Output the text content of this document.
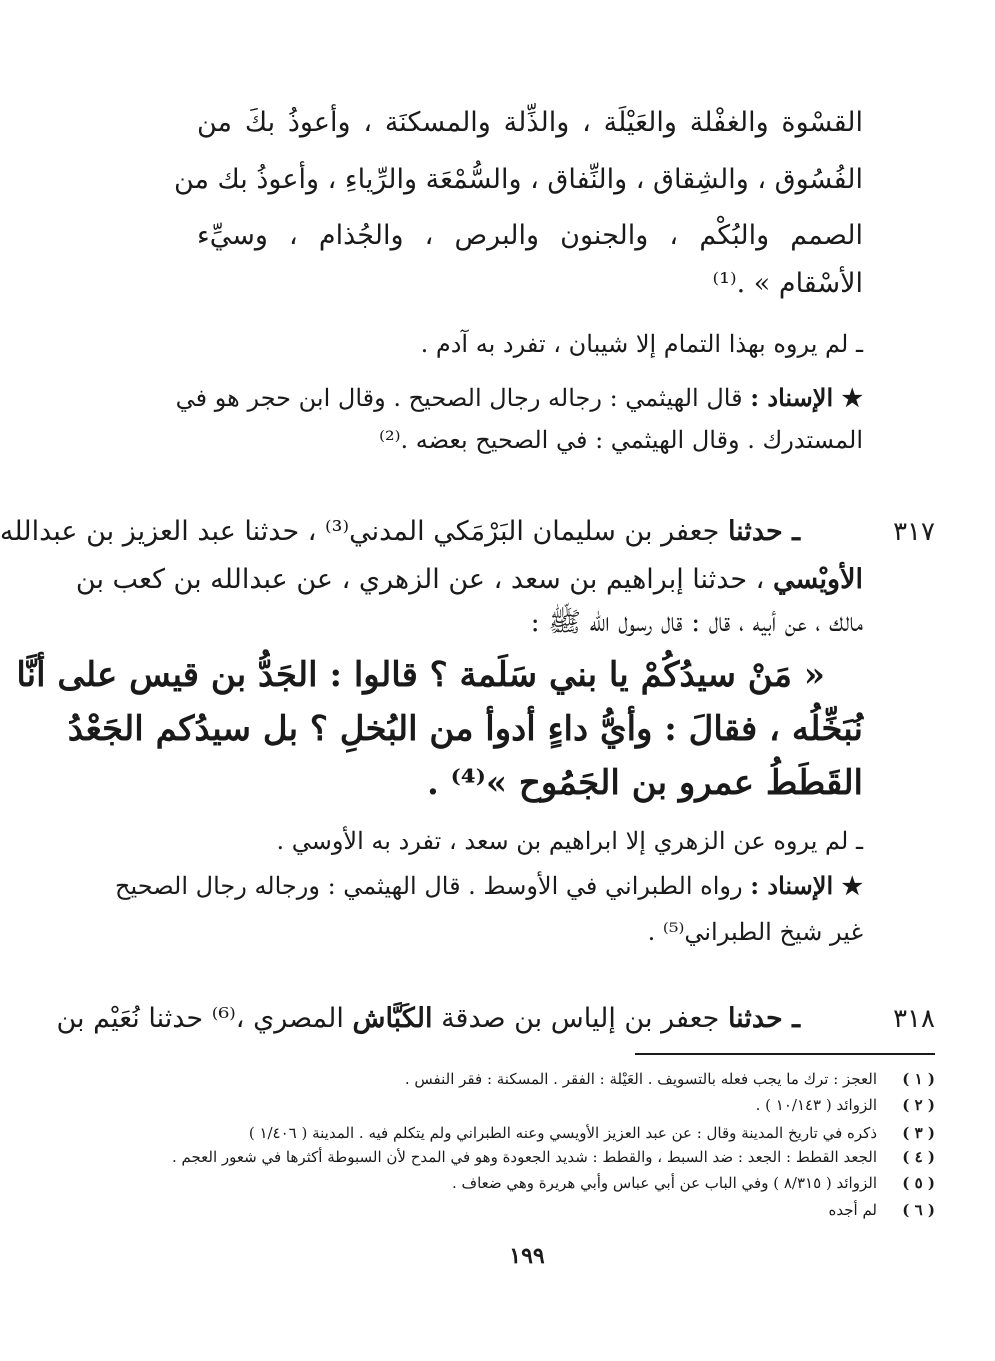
القسْوة والغفْلة والعَيْلَة ، والذِّلة والمسكنَة ، وأعوذُ بكَ من
الفُسُوق ، والشِقاق ، والنِّفاق ، والسُّمْعَة والرِّياءِ ، وأعوذُ بك من
الصمم والبُكْم ، والجنون والبرص ، والجُذام ، وسيِّء
الأسْقام » .⁽¹⁾
ـ لم يروه بهذا التمام إلا شيبان ، تفرد به آدم .
★ الإسناد : قال الهيثمي : رجاله رجال الصحيح . وقال ابن حجر هو في
المستدرك . وقال الهيثمي : في الصحيح بعضه .⁽²⁾
٣١٧
ـ حدثنا جعفر بن سليمان البَرْمَكي المدني⁽³⁾ ، حدثنا عبد العزيز بن عبدالله
الأويْسي ، حدثنا إبراهيم بن سعد ، عن الزهري ، عن عبدالله بن كعب بن
مالك ، عن أبيه ، قال : قال رسول الله ﷺ :
« مَنْ سيدُكُمْ يا بني سَلَمة ؟ قالوا : الجَدُّ بن قيس على أنَّا
نُبَخِّلُه ، فقالَ : وأيُّ داءٍ أدوأ من البُخلِ ؟ بل سيدُكم الجَعْدُ
القَطَطُ عمرو بن الجَمُوح »⁽⁴⁾ .
ـ لم يروه عن الزهري إلا ابراهيم بن سعد ، تفرد به الأوسي .
★ الإسناد : رواه الطبراني في الأوسط . قال الهيثمي : ورجاله رجال الصحيح
غير شيخ الطبراني⁽⁵⁾ .
٣١٨
ـ حدثنا جعفر بن إلياس بن صدقة الكَبَّاش المصري ،⁽⁶⁾ حدثنا نُعَيْم بن
( ١ )العجز : ترك ما يجب فعله بالتسويف . العَيْلة : الفقر . المسكنة : فقر النفس .
( ٢ )الزوائد ( ١٠/١٤٣ ) .
( ٣ )ذكره في تاريخ المدينة وقال : عن عبد العزيز الأويسي وعنه الطبراني ولم يتكلم فيه . المدينة ( ١/٤٠٦ )
( ٤ )الجعد القطط : الجعد : ضد السبط ، والقطط : شديد الجعودة وهو في المدح لأن السبوطة أكثرها في شعور العجم .
( ٥ )الزوائد ( ٨/٣١٥ ) وفي الباب عن أبي عباس وأبي هريرة وهي ضعاف .
( ٦ )لم أجده
١٩٩
